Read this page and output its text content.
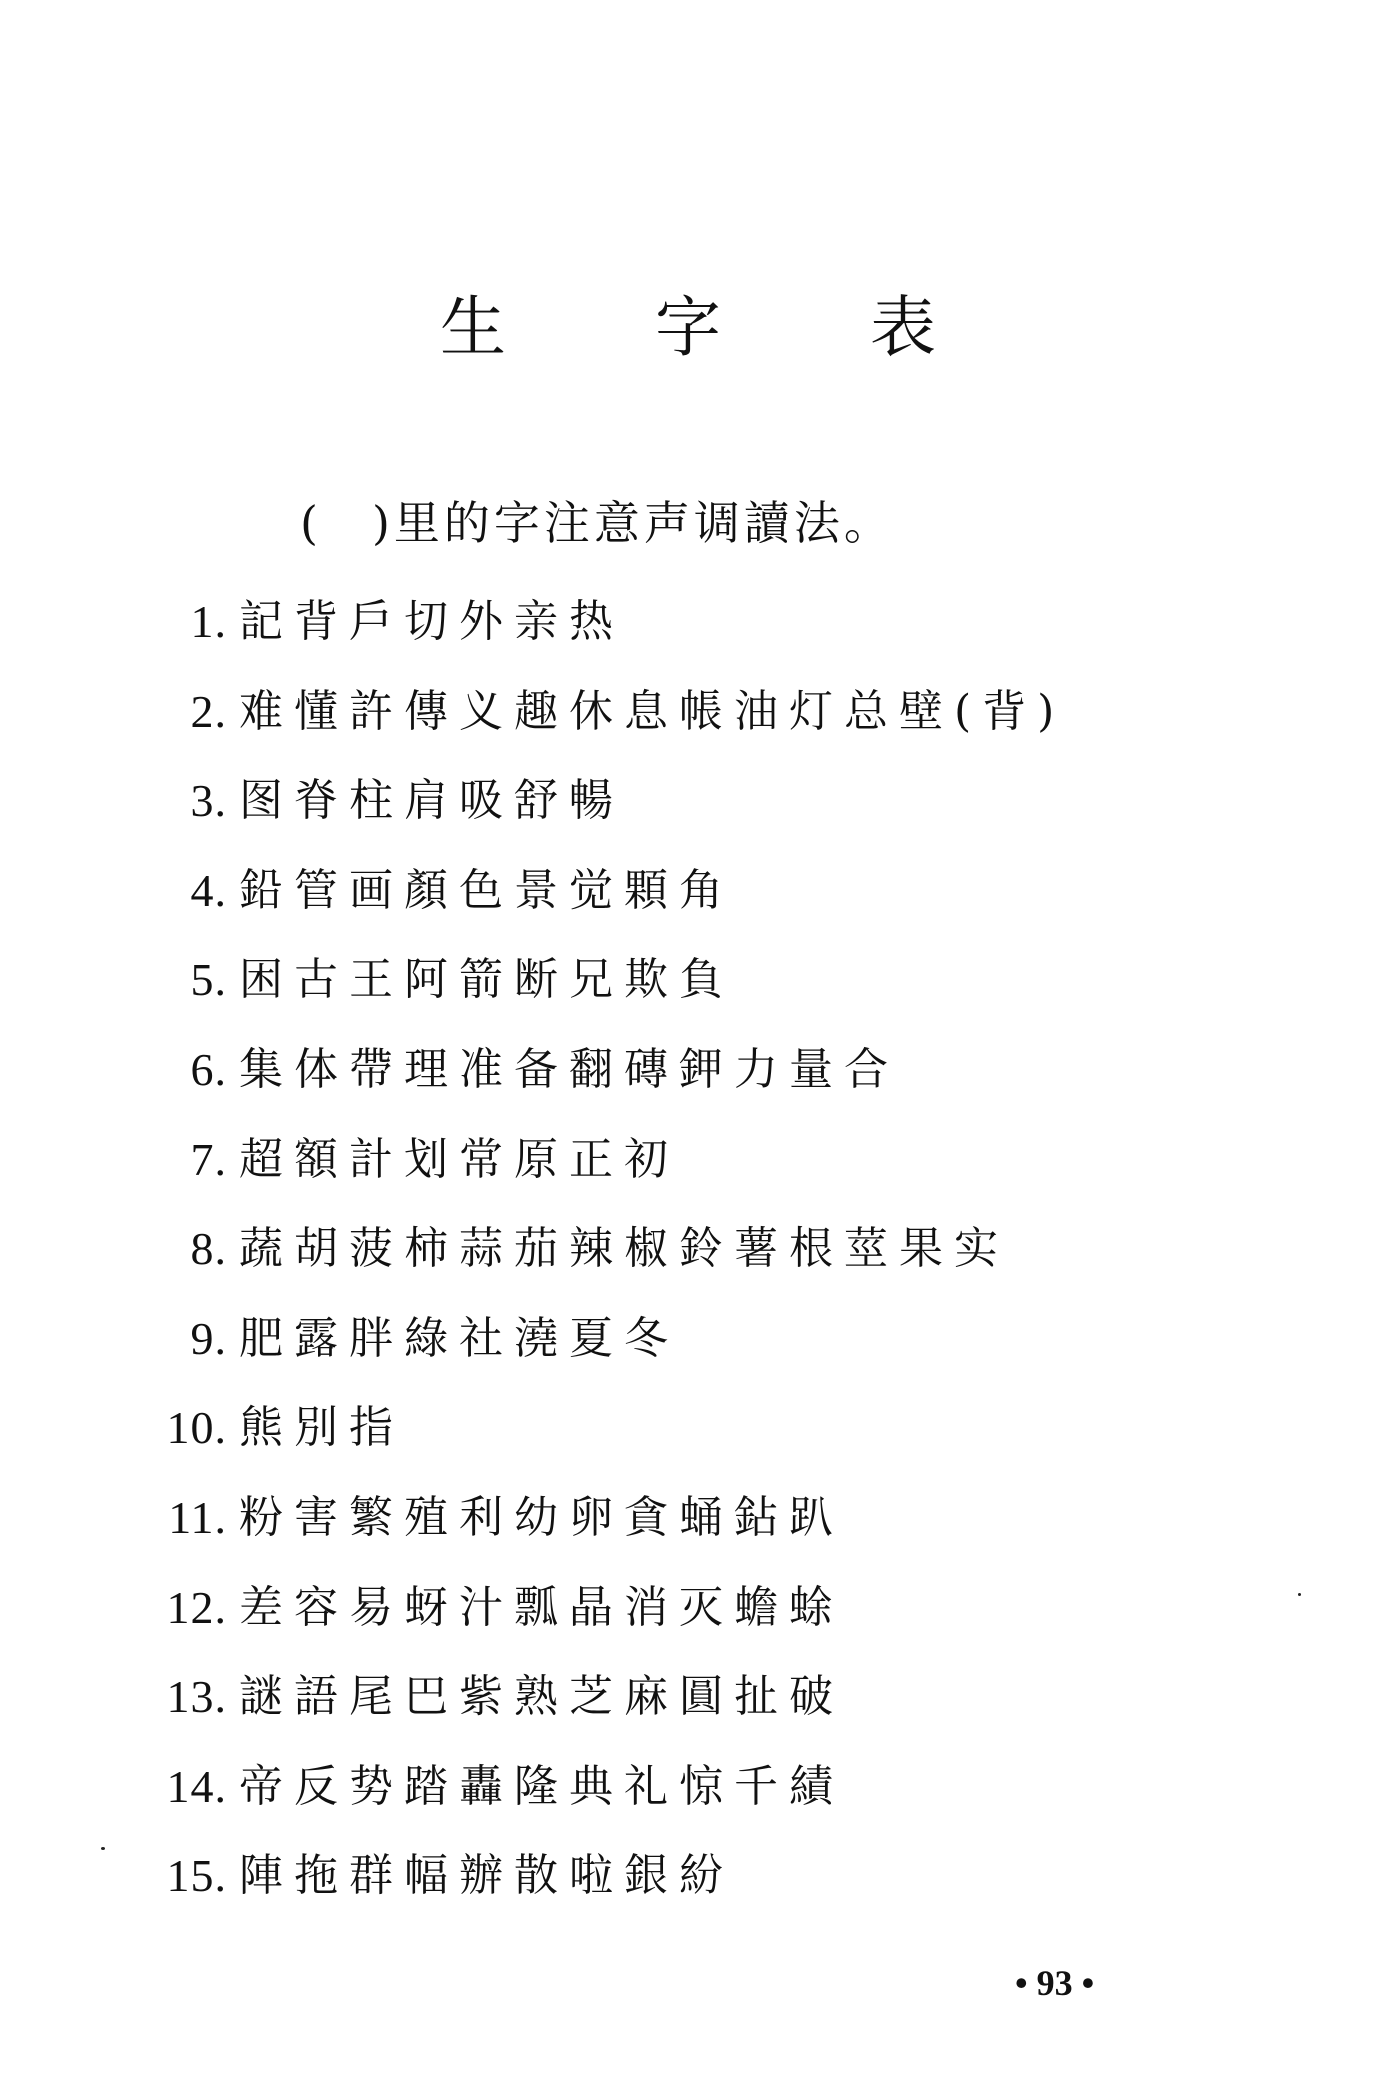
生 字 表

(　)里的字注意声调讀法。

1. 記背戶切外亲热
2. 难懂許傳义趣休息帳油灯总壁(背)
3. 图脊柱肩吸舒暢
4. 鉛管画顏色景觉顆角
5. 困古王阿箭断兄欺負
6. 集体帶理准备翻磚鉀力量合
7. 超額計划常原正初
8. 蔬胡菠柿蒜茄辣椒鈴薯根莖果实
9. 肥露胖綠社澆夏冬
10. 熊別指
11. 粉害繁殖利幼卵貪蛹鉆趴
12. 差容易蚜汁瓢晶消灭蟾蜍
13. 謎語尾巴紫熟芝麻圓扯破
14. 帝反势踏轟隆典礼惊千績
15. 陣拖群幅辦散啦銀紛

• 93 •
